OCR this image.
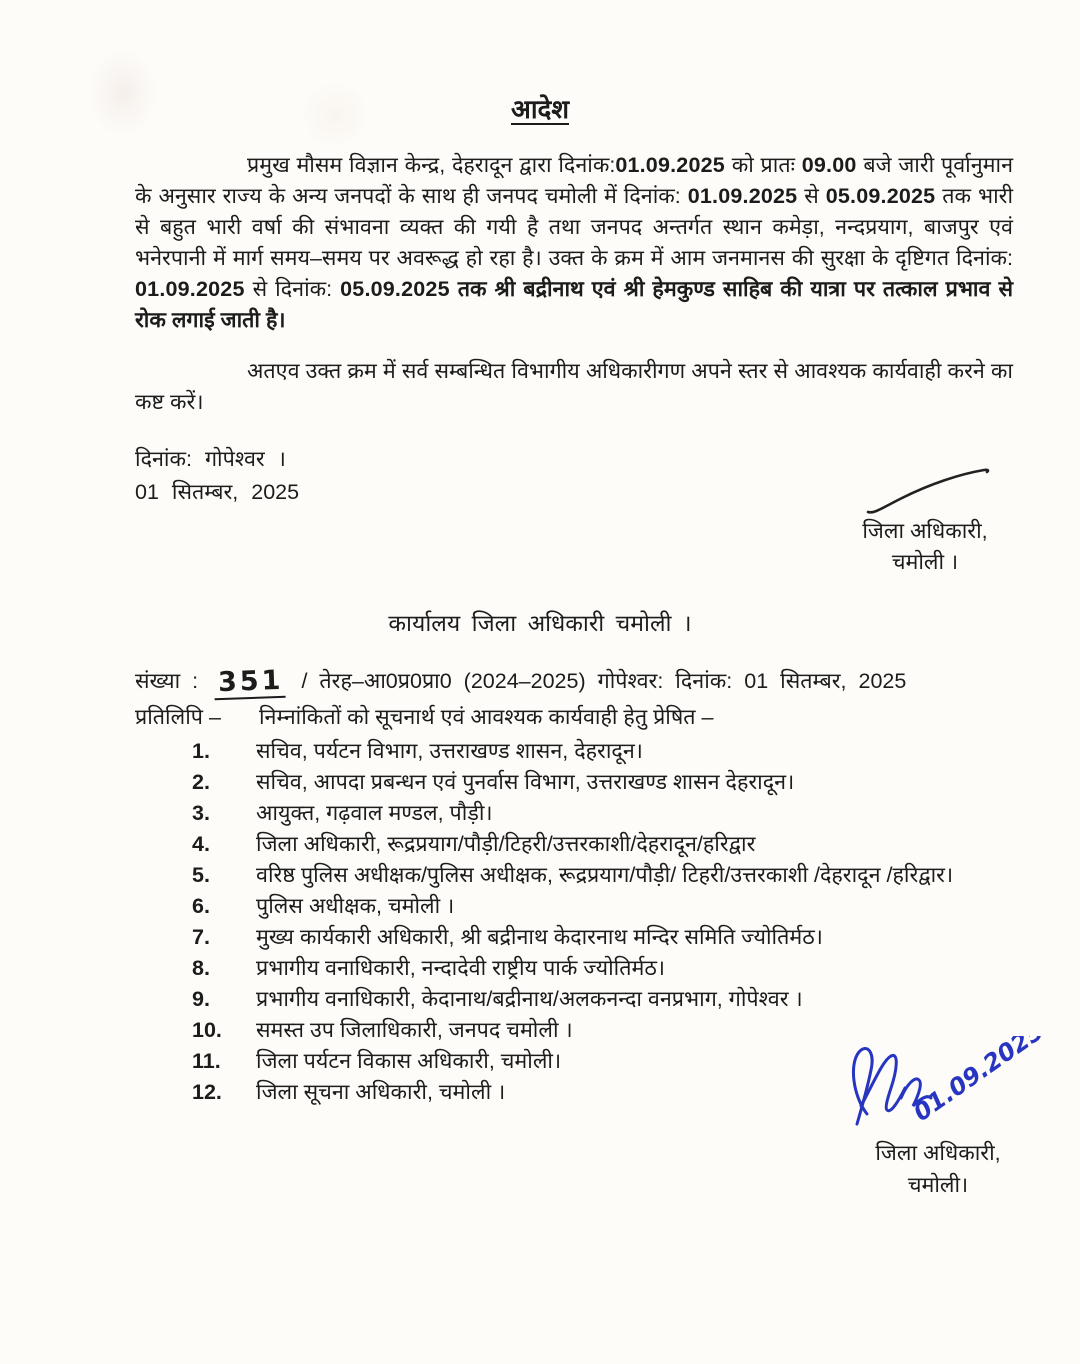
आदेश
प्रमुख मौसम विज्ञान केन्द्र, देहरादून द्वारा दिनांक:01.09.2025 को प्रातः 09.00 बजे जारी पूर्वानुमान के अनुसार राज्य के अन्य जनपदों के साथ ही जनपद चमोली में दिनांक: 01.09.2025 से 05.09.2025 तक भारी से बहुत भारी वर्षा की संभावना व्यक्त की गयी है तथा जनपद अन्तर्गत स्थान कमेड़ा, नन्दप्रयाग, बाजपुर एवं भनेरपानी में मार्ग समय–समय पर अवरूद्ध हो रहा है। उक्त के क्रम में आम जनमानस की सुरक्षा के दृष्टिगत दिनांक: 01.09.2025 से दिनांक: 05.09.2025 तक श्री बद्रीनाथ एवं श्री हेमकुण्ड साहिब की यात्रा पर तत्काल प्रभाव से रोक लगाई जाती है।
अतएव उक्त क्रम में सर्व सम्बन्धित विभागीय अधिकारीगण अपने स्तर से आवश्यक कार्यवाही करने का कष्ट करें।
दिनांक: गोपेश्वर ।
01 सितम्बर, 2025
जिला अधिकारी,
चमोली ।
कार्यालय जिला अधिकारी चमोली ।
संख्या : 351 / तेरह–आ0प्र0प्रा0 (2024–2025) गोपेश्वर: दिनांक: 01 सितम्बर, 2025
प्रतिलिपि – निम्नांकितों को सूचनार्थ एवं आवश्यक कार्यवाही हेतु प्रेषित –
1.	सचिव, पर्यटन विभाग, उत्तराखण्ड शासन, देहरादून।
2.	सचिव, आपदा प्रबन्धन एवं पुनर्वास विभाग, उत्तराखण्ड शासन देहरादून।
3.	आयुक्त, गढ़वाल मण्डल, पौड़ी।
4.	जिला अधिकारी, रूद्रप्रयाग/पौड़ी/टिहरी/उत्तरकाशी/देहरादून/हरिद्वार
5.	वरिष्ठ पुलिस अधीक्षक/पुलिस अधीक्षक, रूद्रप्रयाग/पौड़ी/ टिहरी/उत्तरकाशी /देहरादून /हरिद्वार।
6.	पुलिस अधीक्षक, चमोली ।
7.	मुख्य कार्यकारी अधिकारी, श्री बद्रीनाथ केदारनाथ मन्दिर समिति ज्योतिर्मठ।
8.	प्रभागीय वनाधिकारी, नन्दादेवी राष्ट्रीय पार्क ज्योतिर्मठ।
9.	प्रभागीय वनाधिकारी, केदानाथ/बद्रीनाथ/अलकनन्दा वनप्रभाग, गोपेश्वर ।
10.	समस्त उप जिलाधिकारी, जनपद चमोली ।
11.	जिला पर्यटन विकास अधिकारी, चमोली।
12.	जिला सूचना अधिकारी, चमोली ।	01.09.2025
जिला अधिकारी,
चमोली।
